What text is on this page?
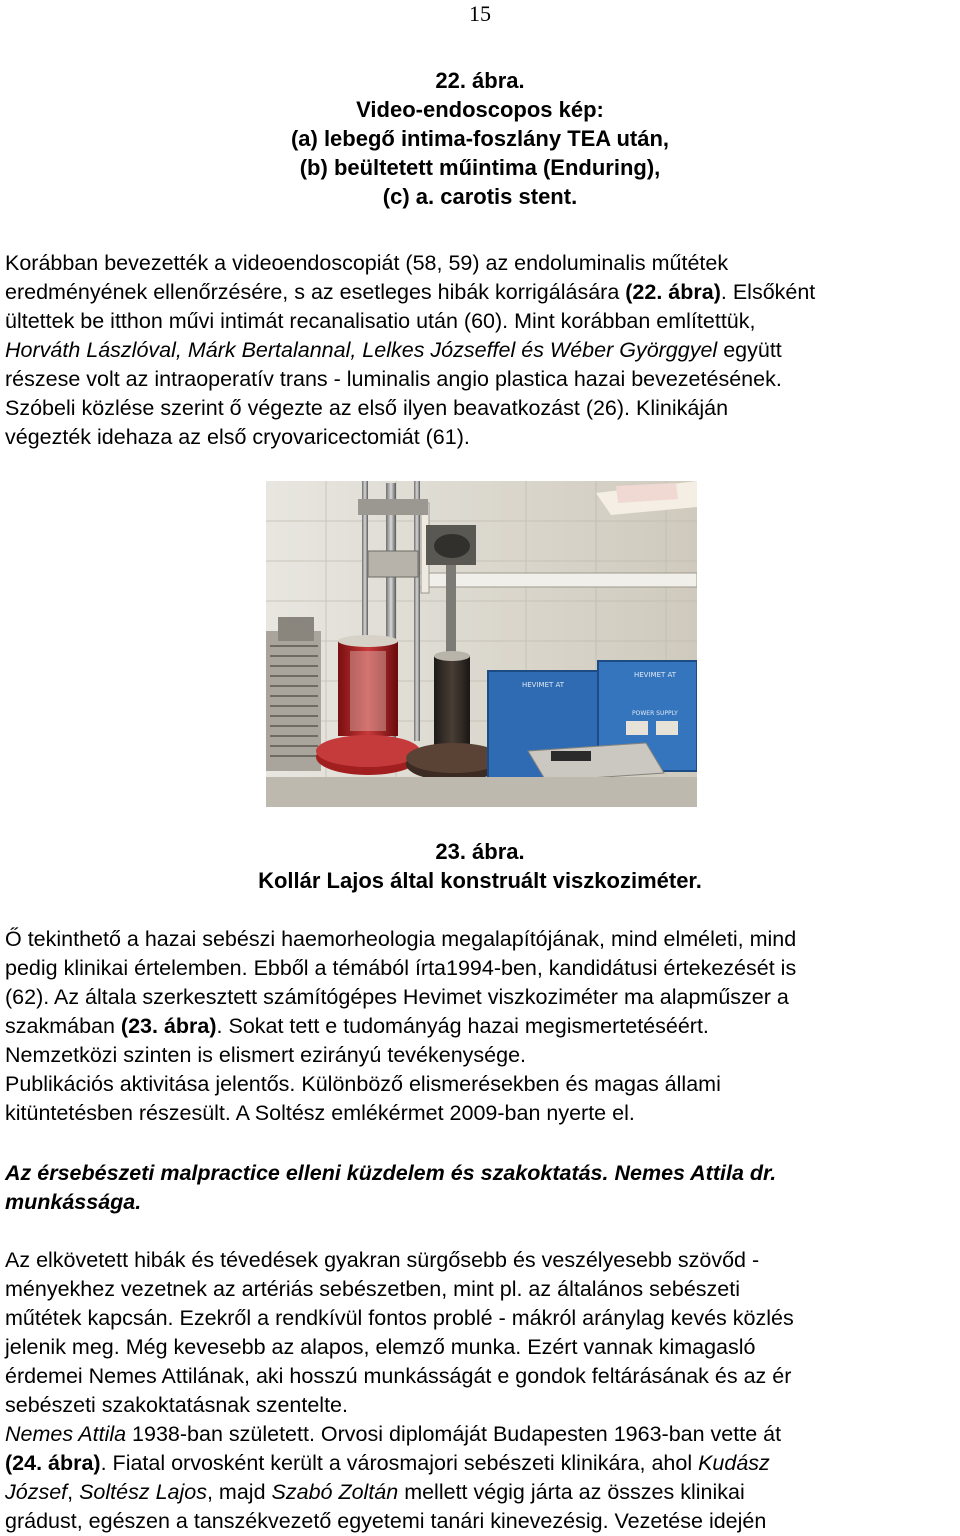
15
22. ábra.
Video-endoscopos kép:
(a) lebegő intima-foszlány TEA után,
(b) beültetett műintima (Enduring),
(c) a. carotis stent.
Korábban bevezették a videoendoscopiát (58, 59) az endoluminalis műtétek
eredményének ellenőrzésére, s az esetleges hibák korrigálására (22. ábra). Elsőként
ültettek be itthon művi intimát recanalisatio után (60). Mint korábban említettük,
Horváth Lászlóval, Márk Bertalannal, Lelkes Józseffel és Wéber Györggyel együtt
részese volt az intraoperatív trans - luminalis angio plastica hazai bevezetésének.
Szóbeli közlése szerint ő végezte az első ilyen beavatkozást (26). Klinikáján
végezték idehaza az első cryovaricectomiát (61).
HEVIMET AT
HEVIMET AT
POWER SUPPLY
23. ábra.
Kollár Lajos által konstruált viszkoziméter.
Ő tekinthető a hazai sebészi haemorheologia megalapítójának, mind elméleti, mind
pedig klinikai értelemben. Ebből a témából írta1994-ben, kandidátusi értekezését is
(62). Az általa szerkesztett számítógépes Hevimet viszkoziméter ma alapműszer a
szakmában (23. ábra). Sokat tett e tudományág hazai megismertetéséért.
Nemzetközi szinten is elismert ezirányú tevékenysége.
Publikációs aktivitása jelentős. Különböző elismerésekben és magas állami
kitüntetésben részesült. A Soltész emlékérmet 2009-ban nyerte el.
Az érsebészeti malpractice elleni küzdelem és szakoktatás. Nemes Attila dr.
munkássága.
Az elkövetett hibák és tévedések gyakran sürgősebb és veszélyesebb szövőd -
ményekhez vezetnek az artériás sebészetben, mint pl. az általános sebészeti
műtétek kapcsán. Ezekről a rendkívül fontos problé - mákról aránylag kevés közlés
jelenik meg. Még kevesebb az alapos, elemző munka. Ezért vannak kimagasló
érdemei Nemes Attilának, aki hosszú munkásságát e gondok feltárásának és az ér
sebészeti szakoktatásnak szentelte.
Nemes Attila 1938-ban született. Orvosi diplomáját Budapesten 1963-ban vette át
(24. ábra). Fiatal orvosként került a városmajori sebészeti klinikára, ahol Kudász
József, Soltész Lajos, majd Szabó Zoltán mellett végig járta az összes klinikai
grádust, egészen a tanszékvezető egyetemi tanári kinevezésig. Vezetése idején
